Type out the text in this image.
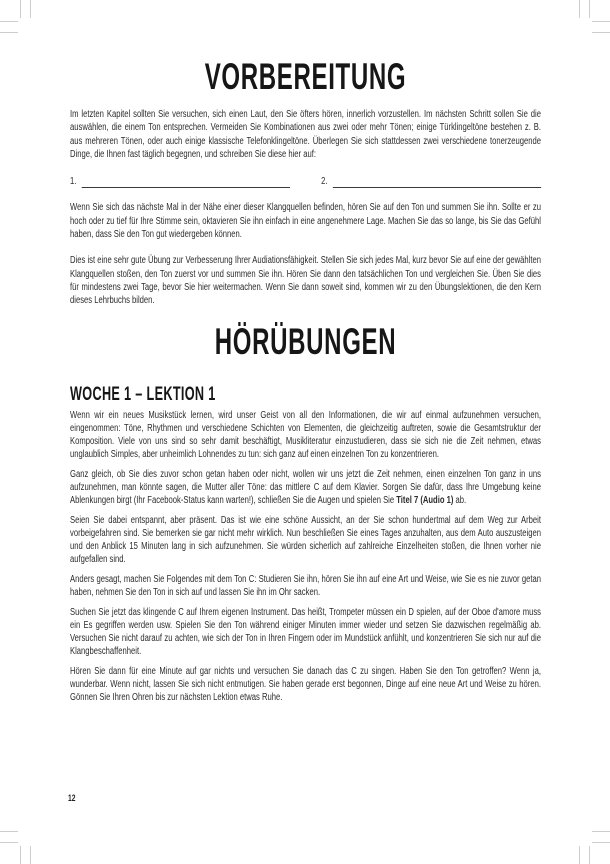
VORBEREITUNG

Im letzten Kapitel sollten Sie versuchen, sich einen Laut, den Sie öfters hören, innerlich vorzustellen. Im nächsten Schritt sollen Sie die auswählen, die einem Ton entsprechen. Vermeiden Sie Kombinationen aus zwei oder mehr Tönen; einige Türklingeltöne bestehen z. B. aus mehreren Tönen, oder auch einige klassische Telefonklingeltöne. Überlegen Sie sich stattdessen zwei verschiedene tonerzeugende Dinge, die Ihnen fast täglich begegnen, und schreiben Sie diese hier auf:

1.	2.

Wenn Sie sich das nächste Mal in der Nähe einer dieser Klangquellen befinden, hören Sie auf den Ton und summen Sie ihn. Sollte er zu hoch oder zu tief für Ihre Stimme sein, oktavieren Sie ihn einfach in eine angenehmere Lage. Machen Sie das so lange, bis Sie das Gefühl haben, dass Sie den Ton gut wiedergeben können.

Dies ist eine sehr gute Übung zur Verbesserung Ihrer Audiationsfähigkeit. Stellen Sie sich jedes Mal, kurz bevor Sie auf eine der gewählten Klangquellen stoßen, den Ton zuerst vor und summen Sie ihn. Hören Sie dann den tatsächlichen Ton und vergleichen Sie. Üben Sie dies für mindestens zwei Tage, bevor Sie hier weitermachen. Wenn Sie dann soweit sind, kommen wir zu den Übungslektionen, die den Kern dieses Lehrbuchs bilden.

HÖRÜBUNGEN
WOCHE 1 – LEKTION 1

Wenn wir ein neues Musikstück lernen, wird unser Geist von all den Informationen, die wir auf einmal aufzunehmen versuchen, eingenommen: Töne, Rhythmen und verschiedene Schichten von Elementen, die gleichzeitig auftreten, sowie die Gesamtstruktur der Komposition. Viele von uns sind so sehr damit beschäftigt, Musikliteratur einzustudieren, dass sie sich nie die Zeit nehmen, etwas unglaublich Simples, aber unheimlich Lohnendes zu tun: sich ganz auf einen einzelnen Ton zu konzentrieren.

Ganz gleich, ob Sie dies zuvor schon getan haben oder nicht, wollen wir uns jetzt die Zeit nehmen, einen einzelnen Ton ganz in uns aufzunehmen, man könnte sagen, die Mutter aller Töne: das mittlere C auf dem Klavier. Sorgen Sie dafür, dass Ihre Umgebung keine Ablenkungen birgt (Ihr Facebook-Status kann warten!), schließen Sie die Augen und spielen Sie Titel 7 (Audio 1) ab.

Seien Sie dabei entspannt, aber präsent. Das ist wie eine schöne Aussicht, an der Sie schon hundertmal auf dem Weg zur Arbeit vorbeigefahren sind. Sie bemerken sie gar nicht mehr wirklich. Nun beschließen Sie eines Tages anzuhalten, aus dem Auto auszusteigen und den Anblick 15 Minuten lang in sich aufzunehmen. Sie würden sicherlich auf zahlreiche Einzelheiten stoßen, die Ihnen vorher nie aufgefallen sind.

Anders gesagt, machen Sie Folgendes mit dem Ton C: Studieren Sie ihn, hören Sie ihn auf eine Art und Weise, wie Sie es nie zuvor getan haben, nehmen Sie den Ton in sich auf und lassen Sie ihn im Ohr sacken.

Suchen Sie jetzt das klingende C auf Ihrem eigenen Instrument. Das heißt, Trompeter müssen ein D spielen, auf der Oboe d'amore muss ein Es gegriffen werden usw. Spielen Sie den Ton während einiger Minuten immer wieder und setzen Sie dazwischen regelmäßig ab. Versuchen Sie nicht darauf zu achten, wie sich der Ton in Ihren Fingern oder im Mundstück anfühlt, und konzentrieren Sie sich nur auf die Klangbeschaffenheit.

Hören Sie dann für eine Minute auf gar nichts und versuchen Sie danach das C zu singen. Haben Sie den Ton getroffen? Wenn ja, wunderbar. Wenn nicht, lassen Sie sich nicht entmutigen. Sie haben gerade erst begonnen, Dinge auf eine neue Art und Weise zu hören. Gönnen Sie Ihren Ohren bis zur nächsten Lektion etwas Ruhe.

12
